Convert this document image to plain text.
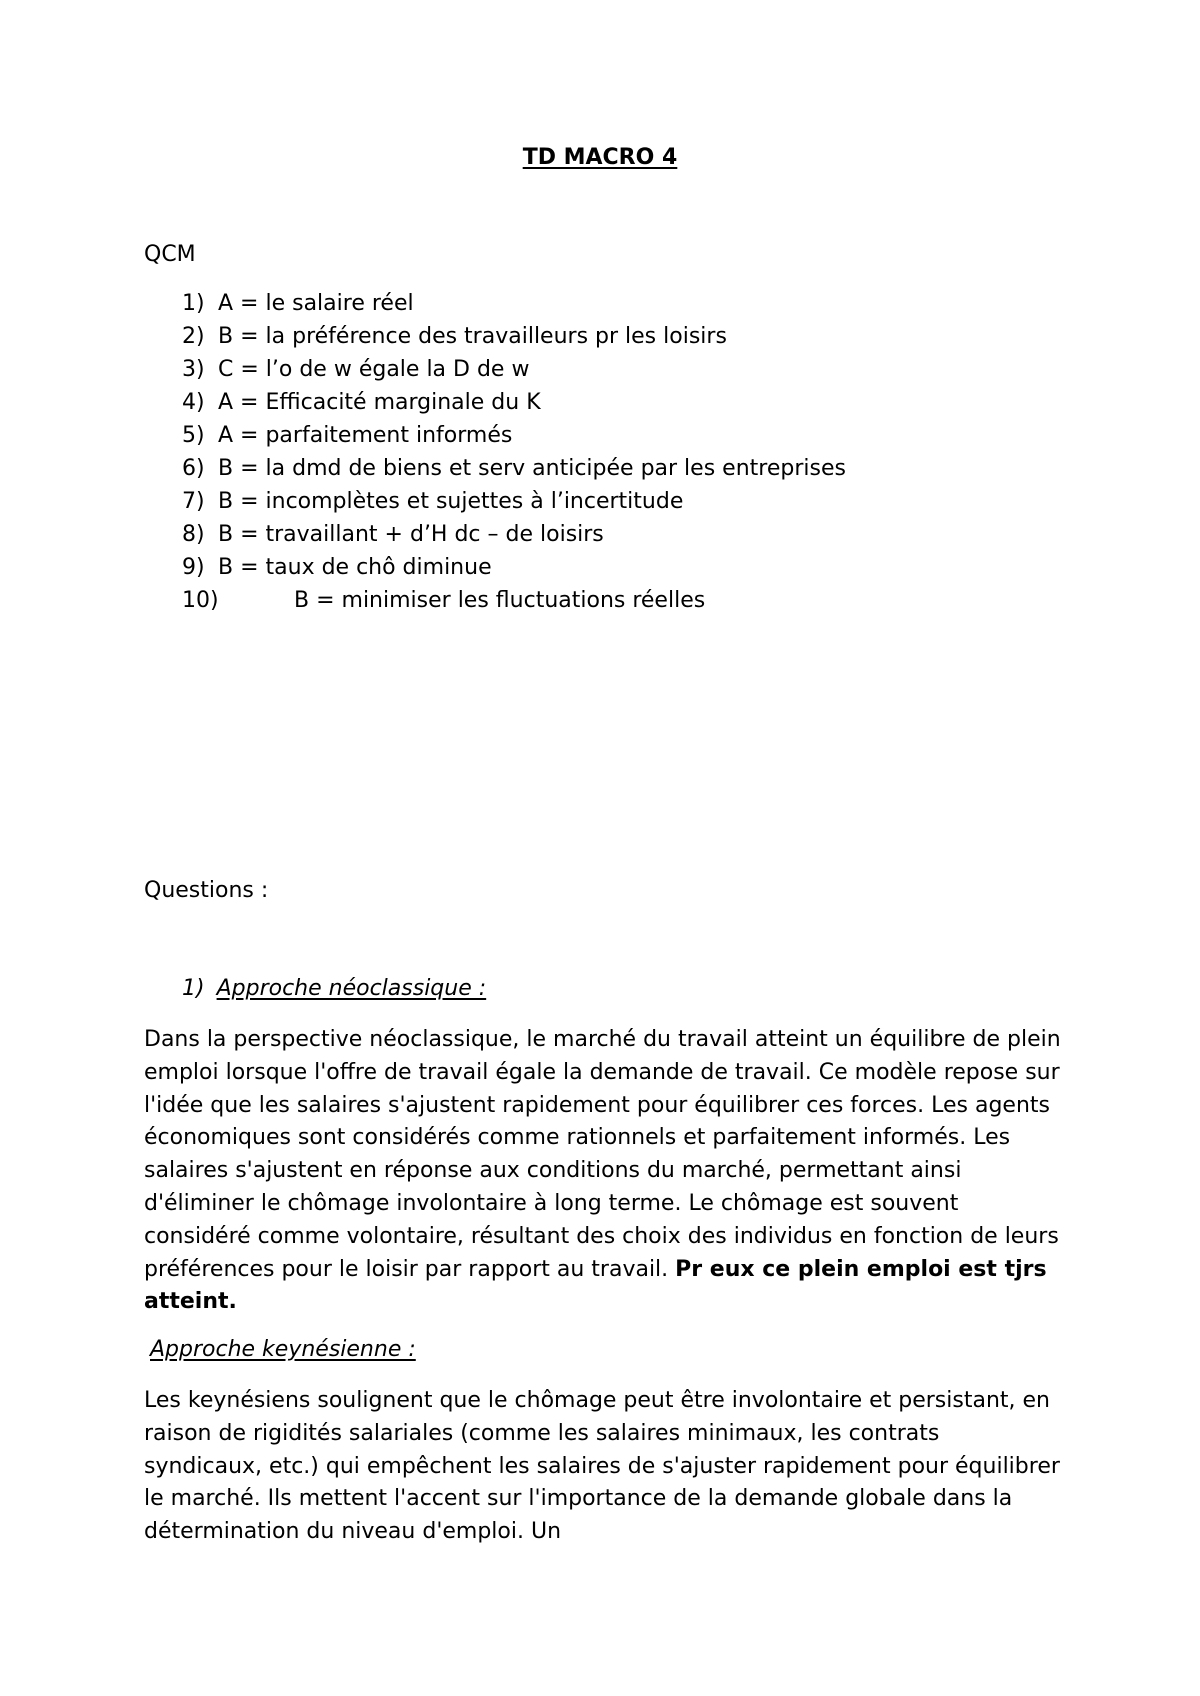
TD MACRO 4
QCM
1) A = le salaire réel
2) B = la préférence des travailleurs pr les loisirs
3) C = l’o de w égale la D de w
4) A = Efficacité marginale du K
5) A = parfaitement informés
6) B = la dmd de biens et serv anticipée par les entreprises
7) B = incomplètes et sujettes à l’incertitude
8) B = travaillant + d’H dc – de loisirs
9) B = taux de chô diminue
10)	B = minimiser les fluctuations réelles
Questions :
1) Approche néoclassique :

Dans la perspective néoclassique, le marché du travail atteint un équilibre de plein emploi lorsque l'offre de travail égale la demande de travail. Ce modèle repose sur l'idée que les salaires s'ajustent rapidement pour équilibrer ces forces. Les agents économiques sont considérés comme rationnels et parfaitement informés. Les salaires s'ajustent en réponse aux conditions du marché, permettant ainsi d'éliminer le chômage involontaire à long terme. Le chômage est souvent considéré comme volontaire, résultant des choix des individus en fonction de leurs préférences pour le loisir par rapport au travail. Pr eux ce plein emploi est tjrs atteint.

Approche keynésienne :

Les keynésiens soulignent que le chômage peut être involontaire et persistant, en raison de rigidités salariales (comme les salaires minimaux, les contrats syndicaux, etc.) qui empêchent les salaires de s'ajuster rapidement pour équilibrer le marché. Ils mettent l'accent sur l'importance de la demande globale dans la détermination du niveau d'emploi. Un
